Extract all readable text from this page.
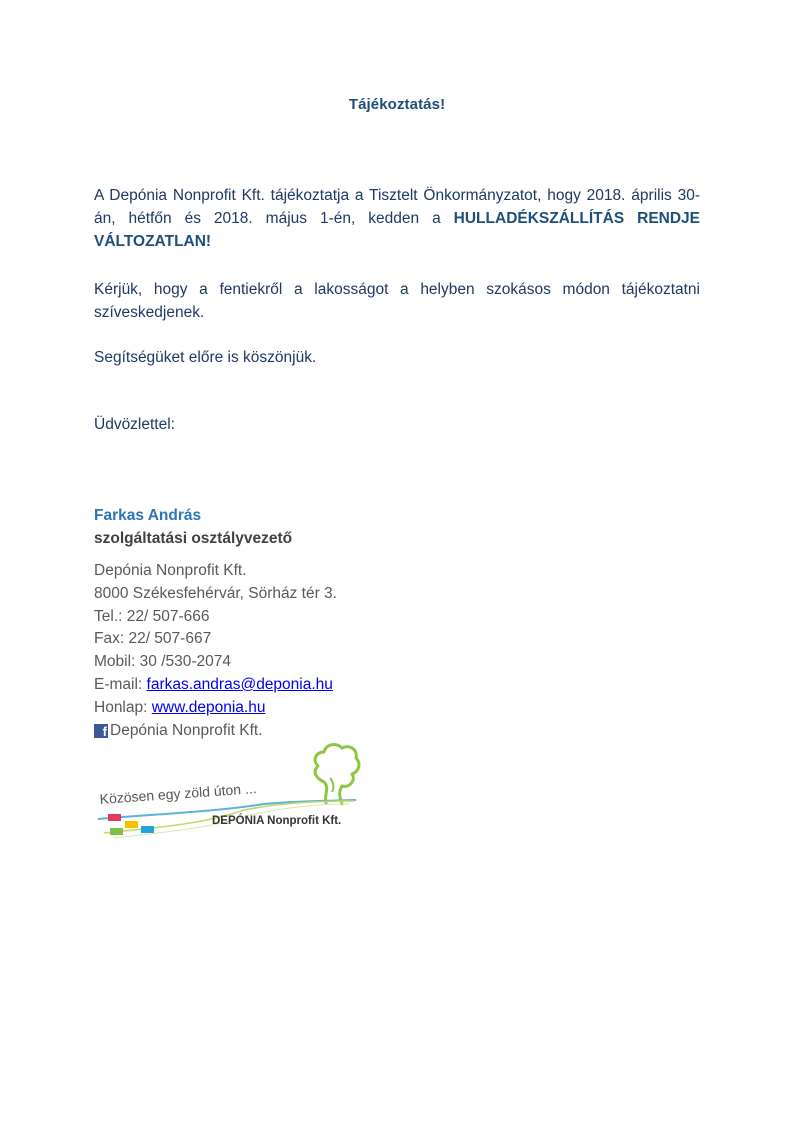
Tájékoztatás!
A Depónia Nonprofit Kft. tájékoztatja a Tisztelt Önkormányzatot, hogy 2018. április 30-án, hétfőn és 2018. május 1-én, kedden a HULLADÉKSZÁLLÍTÁS RENDJE VÁLTOZATLAN!
Kérjük, hogy a fentiekről a lakosságot a helyben szokásos módon tájékoztatni szíveskedjenek.
Segítségüket előre is köszönjük.
Üdvözlettel:
Farkas András
szolgáltatási osztályvezető
Depónia Nonprofit Kft.
8000 Székesfehérvár, Sörház tér 3.
Tel.: 22/ 507-666
Fax: 22/ 507-667
Mobil: 30 /530-2074
E-mail: farkas.andras@deponia.hu
Honlap: www.deponia.hu
f Depónia Nonprofit Kft.
Közösen egy zöld úton ...
DEPÓNIA Nonprofit Kft.
